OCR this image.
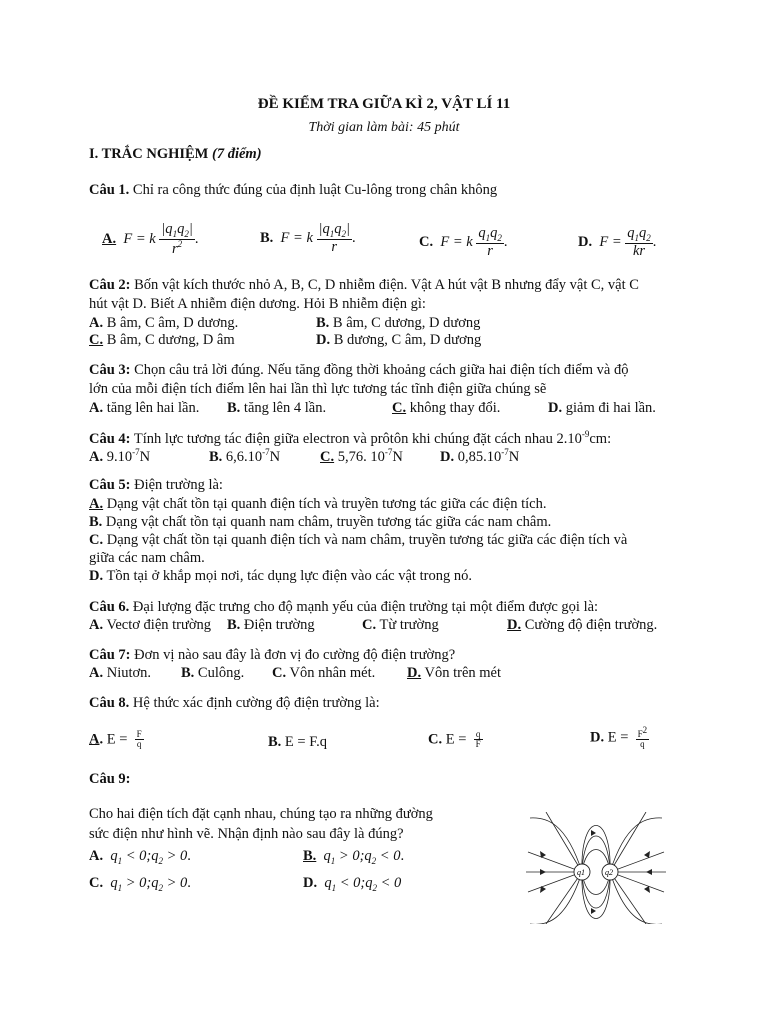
ĐỀ KIỂM TRA GIỮA KÌ 2, VẬT LÍ 11
Thời gian làm bài: 45 phút
I. TRẮC NGHIỆM (7 điểm)
Câu 1. Chỉ ra công thức đúng của định luật Cu-lông trong chân không
A.  F = k $\frac{|q_1q_2|}{r^2}$ .	B.  F = k $\frac{|q_1q_2|}{r}$ .	C.  F = k $\frac{q_1q_2}{r}$ .	D.  $F = \frac{q_1q_2}{kr}$ .
Câu 2: Bốn vật kích thước nhỏ A, B, C, D nhiễm điện. Vật A hút vật B nhưng đẩy vật C, vật C
hút vật D. Biết A nhiễm điện dương. Hỏi B nhiễm điện gì:
A. B âm, C âm, D dương.	B. B âm, C dương, D dương
C. B âm, C dương, D âm	D. B dương, C âm, D dương
Câu 3: Chọn câu trả lời đúng. Nếu tăng đồng thời khoảng cách giữa hai điện tích điểm và độ
lớn của mỗi điện tích điểm lên hai lần thì lực tương tác tĩnh điện giữa chúng sẽ
A. tăng lên hai lần. B. tăng lên 4 lần.	C. không thay đổi.	D. giảm đi hai lần.
Câu 4: Tính lực tương tác điện giữa electron và prôtôn khi chúng đặt cách nhau $2.10^{-9}cm$:
A. $9.10^{-7}N$	B. $6,6.10^{-7}N$	C. 5,76. $10^{-7}N$	D. $0,85.10^{-7}N$
Câu 5: Điện trường là:
A. Dạng vật chất tồn tại quanh điện tích và truyền tương tác giữa các điện tích.
B. Dạng vật chất tồn tại quanh nam châm, truyền tương tác giữa các nam châm.
C. Dạng vật chất tồn tại quanh điện tích và nam châm, truyền tương tác giữa các điện tích và
giữa các nam châm.
D. Tồn tại ở khắp mọi nơi, tác dụng lực điện vào các vật trong nó.
Câu 6. Đại lượng đặc trưng cho độ mạnh yếu của điện trường tại một điểm được gọi là:
A. Vectơ điện trường B. Điện trường	C. Từ trường	D. Cường độ điện trường.
Câu 7: Đơn vị nào sau đây là đơn vị đo cường độ điện trường?
A. Niutơn. B. Culông. C. Vôn nhân mét. D. Vôn trên mét
Câu 8. Hệ thức xác định cường độ điện trường là:
A. $E = \frac{F}{q}$	B. E = F.q	C. $E = \frac{q}{F}$	D. $E = \frac{F^2}{q}$
Câu 9:
Cho hai điện tích đặt cạnh nhau, chúng tạo ra những đường
sức điện như hình vẽ. Nhận định nào sau đây là đúng?
A. $q_1$ < $0;q_2 > 0$.	B. $q_1$ > $0;q_2 < 0$.
C. $q_1$ > $0;q_2 > 0$.	D. $q_1$ < $0;q_2 < 0$
q1	q2
